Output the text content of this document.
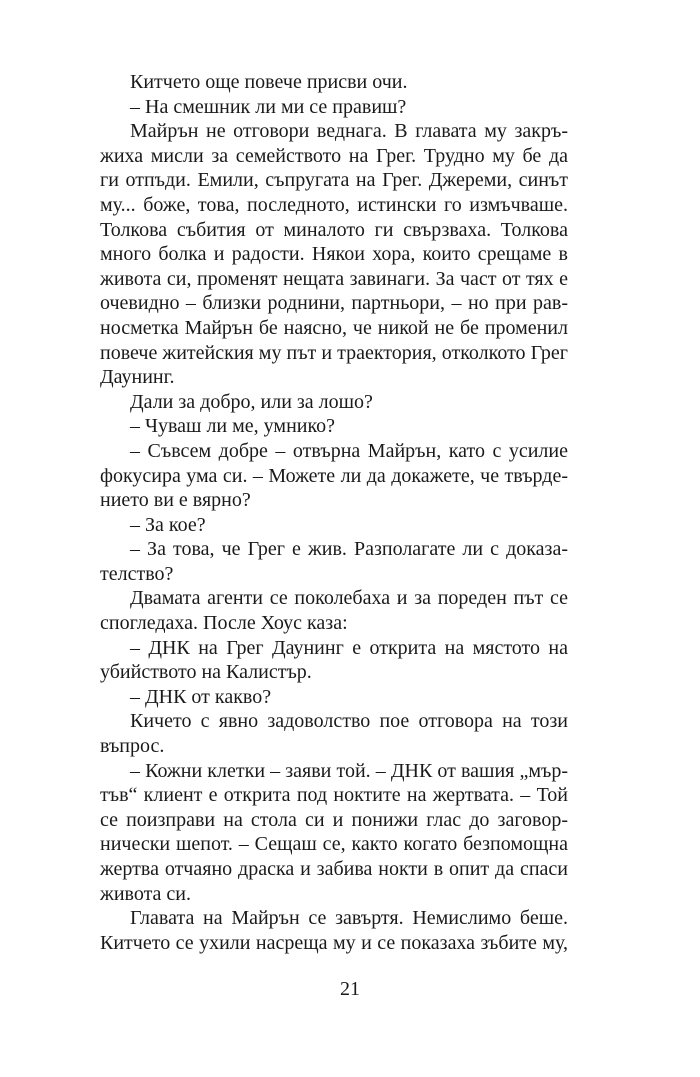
Китчето още повече присви очи.
– На смешник ли ми се правиш?
Майрън не отговори веднага. В главата му закръ-
жиха мисли за семейството на Грег. Трудно му бе да
ги отпъди. Емили, съпругата на Грег. Джереми, синът
му... боже, това, последното, истински го измъчваше.
Толкова събития от миналото ги свързваха. Толкова
много болка и радости. Някои хора, които срещаме в
живота си, променят нещата завинаги. За част от тях е
очевидно – близки роднини, партньори, – но при рав-
носметка Майрън бе наясно, че никой не бе променил
повече житейския му път и траектория, отколкото Грег
Даунинг.
Дали за добро, или за лошо?
– Чуваш ли ме, умнико?
– Съвсем добре – отвърна Майрън, като с усилие
фокусира ума си. – Можете ли да докажете, че твърде-
нието ви е вярно?
– За кое?
– За това, че Грег е жив. Разполагате ли с доказа-
телство?
Двамата агенти се поколебаха и за пореден път се
спогледаха. После Хоус каза:
– ДНК на Грег Даунинг е открита на мястото на
убийството на Калистър.
– ДНК от какво?
Кичето с явно задоволство пое отговора на този
въпрос.
– Кожни клетки – заяви той. – ДНК от вашия „мър-
тъв“ клиент е открита под ноктите на жертвата. – Той
се поизправи на стола си и понижи глас до заговор-
нически шепот. – Сещаш се, както когато безпомощна
жертва отчаяно драска и забива нокти в опит да спаси
живота си.
Главата на Майрън се завъртя. Немислимо беше.
Китчето се ухили насреща му и се показаха зъбите му,
21
